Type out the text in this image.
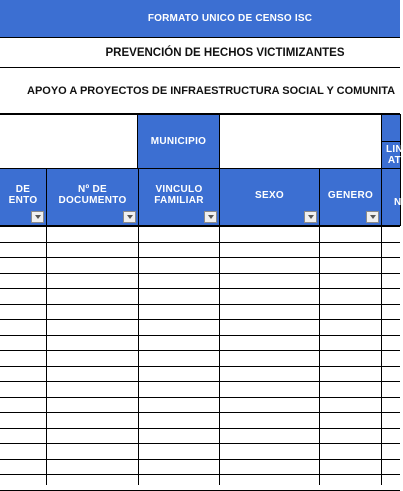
FORMATO UNICO DE CENSO ISC
PREVENCIÓN DE HECHOS VICTIMIZANTES
APOYO A PROYECTOS DE INFRAESTRUCTURA SOCIAL Y COMUNITA
MUNICIPIO
LIN
AT
DE
ENTO
Nº DE
DOCUMENTO
VINCULO
FAMILIAR	SEXO	GENERO
N
